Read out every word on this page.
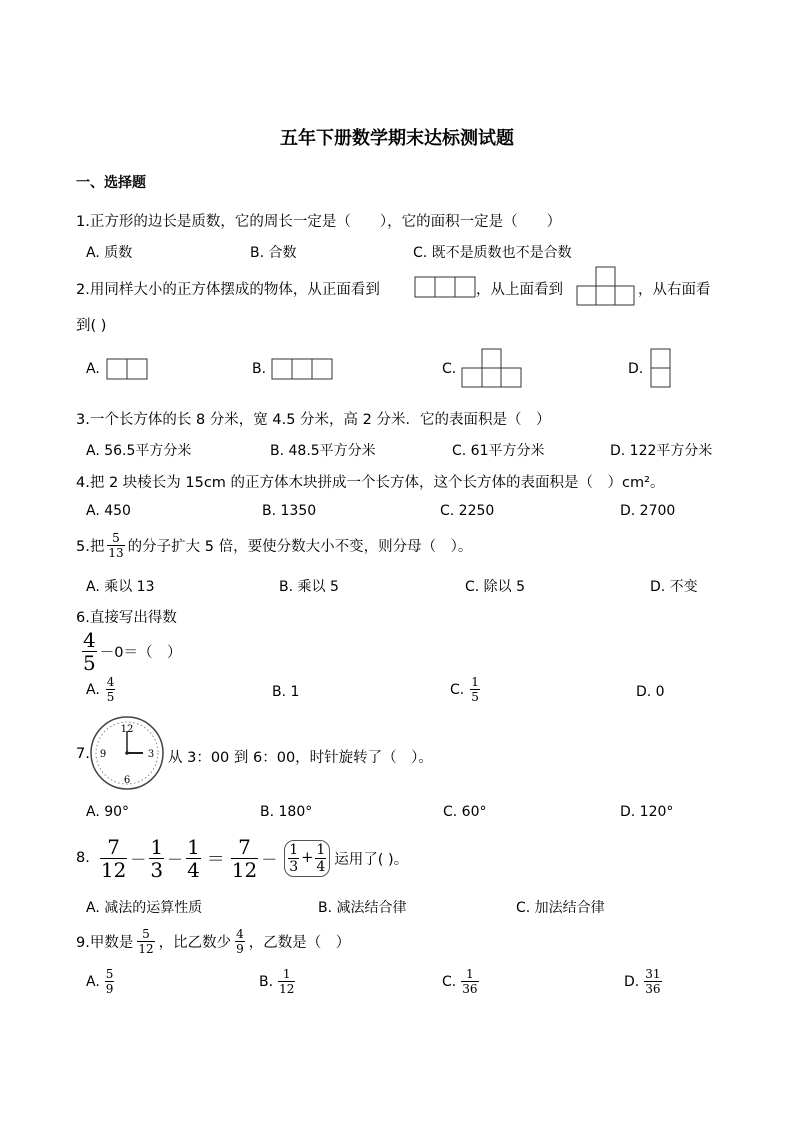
五年下册数学期末达标测试题
一、选择题
1.正方形的边长是质数，它的周长一定是（　　），它的面积一定是（　　）
A. 质数	B. 合数	C. 既不是质数也不是合数
2.用同样大小的正方体摆成的物体，从正面看到	，从上面看到	，从右面看
到( )
A.	B.	C.	D.
3.一个长方体的长 8 分米，宽 4.5 分米，高 2 分米．它的表面积是（　）
A. 56.5平方分米	B. 48.5平方分米	C. 61平方分米	D. 122平方分米
4.把 2 块棱长为 15cm 的正方体木块拼成一个长方体，这个长方体的表面积是（　）cm²。
A. 450	B. 1350	C. 2250	D. 2700
5.把 $\frac{5}{13}$ 的分子扩大 5 倍，要使分数大小不变，则分母（　）。
A. 乘以 13	B. 乘以 5	C. 除以 5	D. 不变
6.直接写出得数
$\frac{4}{5} -0=$（　）
A. $\frac{4}{5}$	B. 1	C. $\frac{1}{5}$	D. 0
7.
12
3
6
9	从 3：00 到 6：00，时针旋转了（　）。
A. 90°	B. 180°	C. 60°	D. 120°
8. $\frac{7}{12} - \frac{1}{3} - \frac{1}{4} = \frac{7}{12} - \frac{1}{3} + \frac{1}{4}$ 运用了( )。
A. 减法的运算性质	B. 减法结合律	C. 加法结合律
9.甲数是 $\frac{5}{12}$ ，比乙数少 $\frac{4}{9}$ ，乙数是（　）
A. $\frac{5}{9}$	B. $\frac{1}{12}$	C. $\frac{1}{36}$	D. $\frac{31}{36}$
